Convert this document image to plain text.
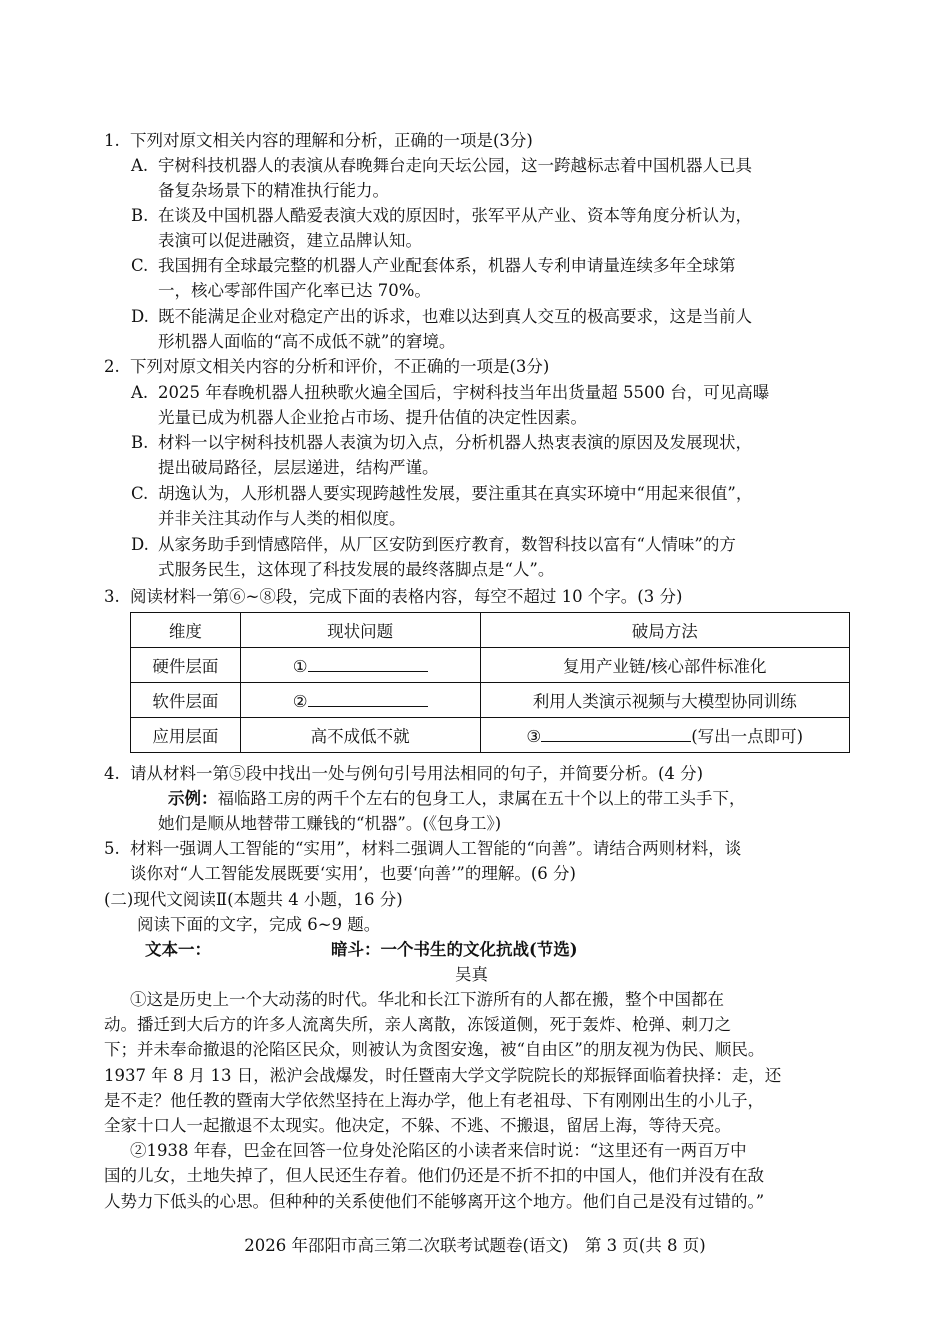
1. 下列对原文相关内容的理解和分析，正确的一项是(3分)
A. 宇树科技机器人的表演从春晚舞台走向天坛公园，这一跨越标志着中国机器人已具
备复杂场景下的精准执行能力。
B. 在谈及中国机器人酷爱表演大戏的原因时，张军平从产业、资本等角度分析认为，
表演可以促进融资，建立品牌认知。
C. 我国拥有全球最完整的机器人产业配套体系，机器人专利申请量连续多年全球第
一，核心零部件国产化率已达 70%。
D. 既不能满足企业对稳定产出的诉求，也难以达到真人交互的极高要求，这是当前人
形机器人面临的“高不成低不就”的窘境。
2. 下列对原文相关内容的分析和评价，不正确的一项是(3分)
A. 2025 年春晚机器人扭秧歌火遍全国后，宇树科技当年出货量超 5500 台，可见高曝
光量已成为机器人企业抢占市场、提升估值的决定性因素。
B. 材料一以宇树科技机器人表演为切入点，分析机器人热衷表演的原因及发展现状，
提出破局路径，层层递进，结构严谨。
C. 胡逸认为，人形机器人要实现跨越性发展，要注重其在真实环境中“用起来很值”，
并非关注其动作与人类的相似度。
D. 从家务助手到情感陪伴，从厂区安防到医疗教育，数智科技以富有“人情味”的方
式服务民生，这体现了科技发展的最终落脚点是“人”。
3. 阅读材料一第⑥~⑧段，完成下面的表格内容，每空不超过 10 个字。(3 分)
维度	现状问题	破局方法
硬件层面	①	复用产业链/核心部件标准化
软件层面	②	利用人类演示视频与大模型协同训练
应用层面	高不成低不就	③ (写出一点即可)
4. 请从材料一第⑤段中找出一处与例句引号用法相同的句子，并简要分析。(4 分)
示例：福临路工房的两千个左右的包身工人，隶属在五十个以上的带工头手下，
她们是顺从地替带工赚钱的“机器”。(《包身工》)
5. 材料一强调人工智能的“实用”，材料二强调人工智能的“向善”。请结合两则材料，谈
谈你对“人工智能发展既要‘实用’，也要‘向善’”的理解。(6 分)
(二)现代文阅读Ⅱ(本题共 4 小题，16 分)
阅读下面的文字，完成 6~9 题。
文本一：	暗斗：一个书生的文化抗战(节选)
吴真
①这是历史上一个大动荡的时代。华北和长江下游所有的人都在搬，整个中国都在
动。播迁到大后方的许多人流离失所，亲人离散，冻馁道侧，死于轰炸、枪弹、刺刀之
下；并未奉命撤退的沦陷区民众，则被认为贪图安逸，被“自由区”的朋友视为伪民、顺民。
1937 年 8 月 13 日，淞沪会战爆发，时任暨南大学文学院院长的郑振铎面临着抉择：走，还
是不走？他任教的暨南大学依然坚持在上海办学，他上有老祖母、下有刚刚出生的小儿子，
全家十口人一起撤退不太现实。他决定，不躲、不逃、不搬退，留居上海，等待天亮。
②1938 年春，巴金在回答一位身处沦陷区的小读者来信时说：“这里还有一两百万中
国的儿女，土地失掉了，但人民还生存着。他们仍还是不折不扣的中国人，他们并没有在敌
人势力下低头的心思。但种种的关系使他们不能够离开这个地方。他们自己是没有过错的。”
2026 年邵阳市高三第二次联考试题卷(语文)　第 3 页(共 8 页)
